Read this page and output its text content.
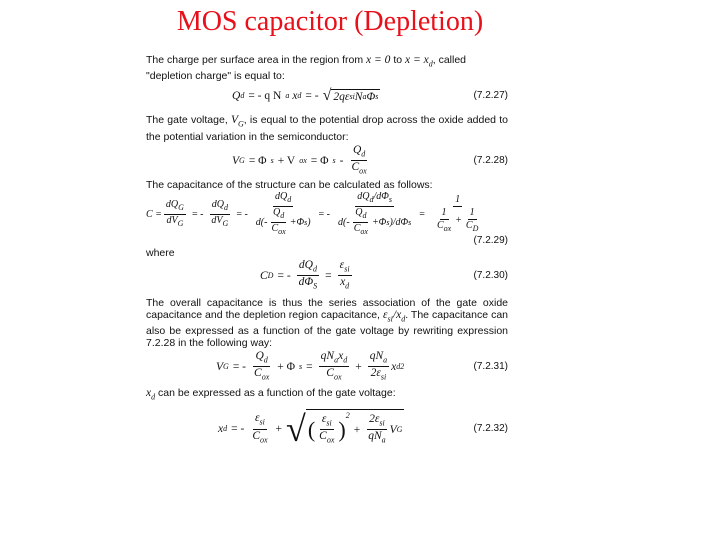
MOS capacitor (Depletion)
The charge per surface area in the region from x = 0 to $x = x_d$, called
"depletion charge" is equal to:
Q d = - q N a x d = - √ 2qε si N a Φ s	(7.2.27)
The gate voltage, $V_G$, is equal to the potential drop across the oxide added to the potential variation in the semiconductor:
V G = Φ s + V ox = Φ s - $\frac{Q_d}{C_{ox}}$	(7.2.28)
The capacitance of the structure can be calculated as follows:
$C = \frac{dQ_G}{dV_G}$ = - $\frac{dQ_d}{dV_G}$ = - $\frac{dQ_d}{d(- \frac{Q_d}{C_{ox}} +\Phi s )}$ = - $\frac{dQ_d/d\Phi_s}{d(- \frac{Q_d}{C_{ox}} +\Phi s )/d\Phi s} = \frac{1}{\frac{1}{C_{ox}} + \frac{1}{C_D}}$
(7.2.29)
where
C D = - $\frac{dQ_d}{d\Phi_S} = \frac{\varepsilon_{si}}{x_d}$	(7.2.30)
The overall capacitance is thus the series association of the gate oxide capacitance and the depletion region capacitance, $\varepsilon_{si}/x_d$. The capacitance can also be expressed as a function of the gate voltage by rewriting expression 7.2.28 in the following way:
V G = - $\frac{Q_d}{C_{ox}} + \Phi$ $s = \frac{qN_ax_d}{C_{ox}} + \frac{qN_a}{2\varepsilon_{si}}$ x d 2	(7.2.31)
$x_d$ can be expressed as a function of the gate voltage:
x d = - $\frac{\varepsilon_{si}}{C_{ox}}$ + √ ( $\frac{\varepsilon_{si}}{C_{ox}}$ )
2
+ $\frac{2\varepsilon_{si}}{qN_a}$ V G	(7.2.32)
